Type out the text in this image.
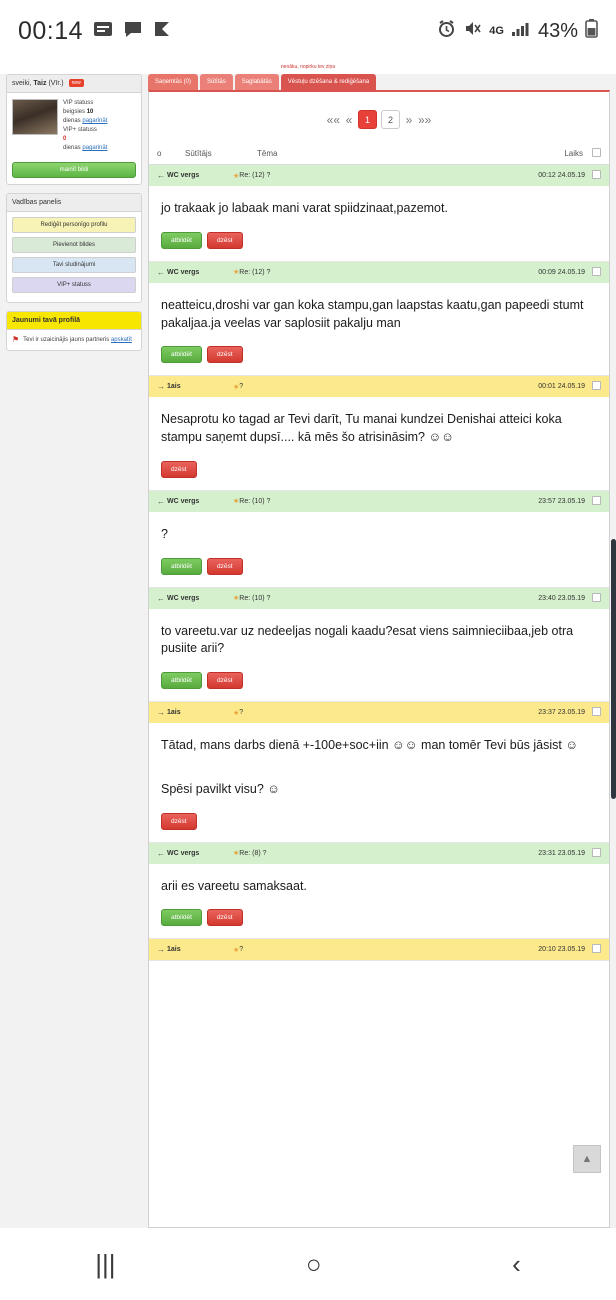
00:14	4G 43%
nenāku, nopirku tev ziņa
sveiki, Taiz (Vīr.) new
VIP statuss
beigsies 10
dienas pagarināt
VIP+ statuss
0
dienas pagarināt
mainīt bildi
Vadības panelis
Rediģēt personīgo profilu
Pievienot bildes
Tavi sludinājumi
VIP+ statuss
Jaunumi tavā profilā
⚑ Tevi ir uzaicinājis jauns partneris apskatīt
Saņemtās (0)	Sūtītās	Saglabātās	Vēstuļu dzēšana & rediģēšana
«« «	1	2	» »»
o	Sūtītājs	Tēma	Laiks
← WC vergs	★ Re: (12) ?	00:12 24.05.19

jo trakaak jo labaak mani varat spiidzinaat,pazemot.

atbildēt	dzēst
← WC vergs	★ Re: (12) ?	00:09 24.05.19

neatteicu,droshi var gan koka stampu,gan laapstas kaatu,gan papeedi stumt pakaljaa.ja veelas var saplosiit pakalju man

atbildēt	dzēst
→ 1ais	★ ?	00:01 24.05.19

Nesaprotu ko tagad ar Tevi darīt, Tu manai kundzei Denishai atteici koka stampu saņemt dupsī.... kā mēs šo atrisināsim? ☺☺

dzēst
← WC vergs	★ Re: (10) ?	23:57 23.05.19

?

atbildēt	dzēst
← WC vergs	★ Re: (10) ?	23:40 23.05.19

to vareetu.var uz nedeeljas nogali kaadu?esat viens saimnieciibaa,jeb otra pusiite arii?

atbildēt	dzēst
→ 1ais	★ ?	23:37 23.05.19

Tātad, mans darbs dienā +-100e+soc+iin ☺☺ man tomēr Tevi būs jāsist ☺

Spēsi pavilkt visu? ☺

dzēst
← WC vergs	★ Re: (8) ?	23:31 23.05.19

arii es vareetu samaksaat.

atbildēt	dzēst
→ 1ais	★ ?	20:10 23.05.19
▲
|||	○	‹
